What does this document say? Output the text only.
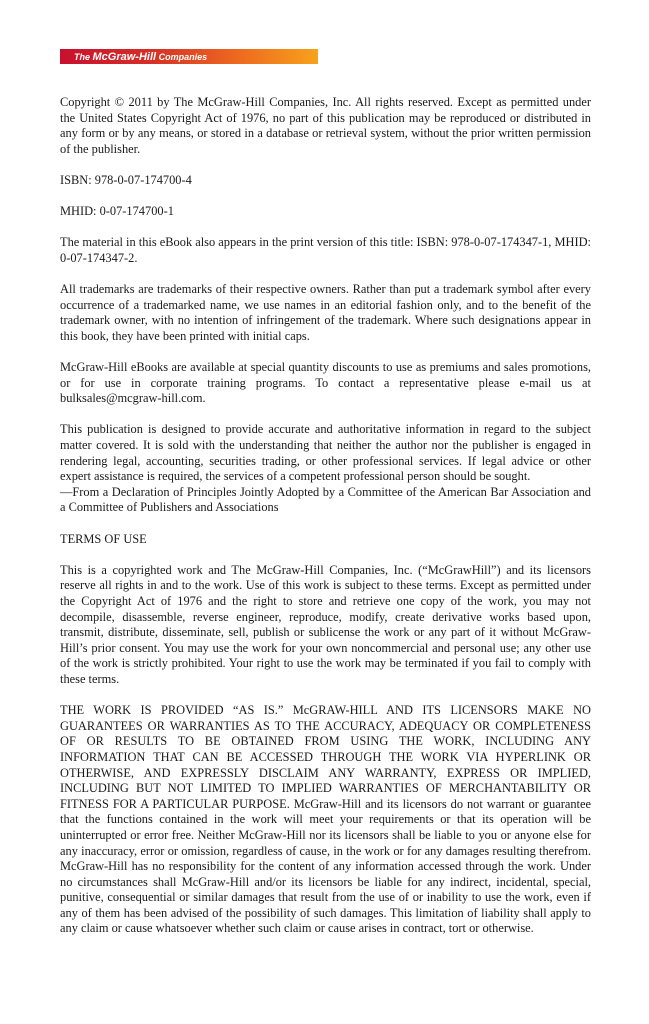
The McGraw-Hill Companies

Copyright © 2011 by The McGraw-Hill Companies, Inc. All rights reserved. Except as permitted under the United States Copyright Act of 1976, no part of this publication may be reproduced or distributed in any form or by any means, or stored in a database or retrieval system, without the prior written permission of the publisher.

ISBN: 978-0-07-174700-4

MHID: 0-07-174700-1

The material in this eBook also appears in the print version of this title: ISBN: 978-0-07-174347-1, MHID: 0-07-174347-2.

All trademarks are trademarks of their respective owners. Rather than put a trademark symbol after every occurrence of a trademarked name, we use names in an editorial fashion only, and to the benefit of the trademark owner, with no intention of infringement of the trademark. Where such designations appear in this book, they have been printed with initial caps.

McGraw-Hill eBooks are available at special quantity discounts to use as premiums and sales promotions, or for use in corporate training programs. To contact a representative please e-mail us at bulksales@mcgraw-hill.com.

This publication is designed to provide accurate and authoritative information in regard to the subject matter covered. It is sold with the understanding that neither the author nor the publisher is engaged in rendering legal, accounting, securities trading, or other professional services. If legal advice or other expert assistance is required, the services of a competent professional person should be sought.

—From a Declaration of Principles Jointly Adopted by a Committee of the American Bar Association and a Committee of Publishers and Associations

TERMS OF USE

This is a copyrighted work and The McGraw-Hill Companies, Inc. (“McGrawHill”) and its licensors reserve all rights in and to the work. Use of this work is subject to these terms. Except as permitted under the Copyright Act of 1976 and the right to store and retrieve one copy of the work, you may not decompile, disassemble, reverse engineer, reproduce, modify, create derivative works based upon, transmit, distribute, disseminate, sell, publish or sublicense the work or any part of it without McGraw-Hill’s prior consent. You may use the work for your own noncommercial and personal use; any other use of the work is strictly prohibited. Your right to use the work may be terminated if you fail to comply with these terms.

THE WORK IS PROVIDED “AS IS.” McGRAW-HILL AND ITS LICENSORS MAKE NO GUARANTEES OR WARRANTIES AS TO THE ACCURACY, ADEQUACY OR COMPLETENESS OF OR RESULTS TO BE OBTAINED FROM USING THE WORK, INCLUDING ANY INFORMATION THAT CAN BE ACCESSED THROUGH THE WORK VIA HYPERLINK OR OTHERWISE, AND EXPRESSLY DISCLAIM ANY WARRANTY, EXPRESS OR IMPLIED, INCLUDING BUT NOT LIMITED TO IMPLIED WARRANTIES OF MERCHANTABILITY OR FITNESS FOR A PARTICULAR PURPOSE. McGraw-Hill and its licensors do not warrant or guarantee that the functions contained in the work will meet your requirements or that its operation will be uninterrupted or error free. Neither McGraw-Hill nor its licensors shall be liable to you or anyone else for any inaccuracy, error or omission, regardless of cause, in the work or for any damages resulting therefrom. McGraw-Hill has no responsibility for the content of any information accessed through the work. Under no circumstances shall McGraw-Hill and/or its licensors be liable for any indirect, incidental, special, punitive, consequential or similar damages that result from the use of or inability to use the work, even if any of them has been advised of the possibility of such damages. This limitation of liability shall apply to any claim or cause whatsoever whether such claim or cause arises in contract, tort or otherwise.
